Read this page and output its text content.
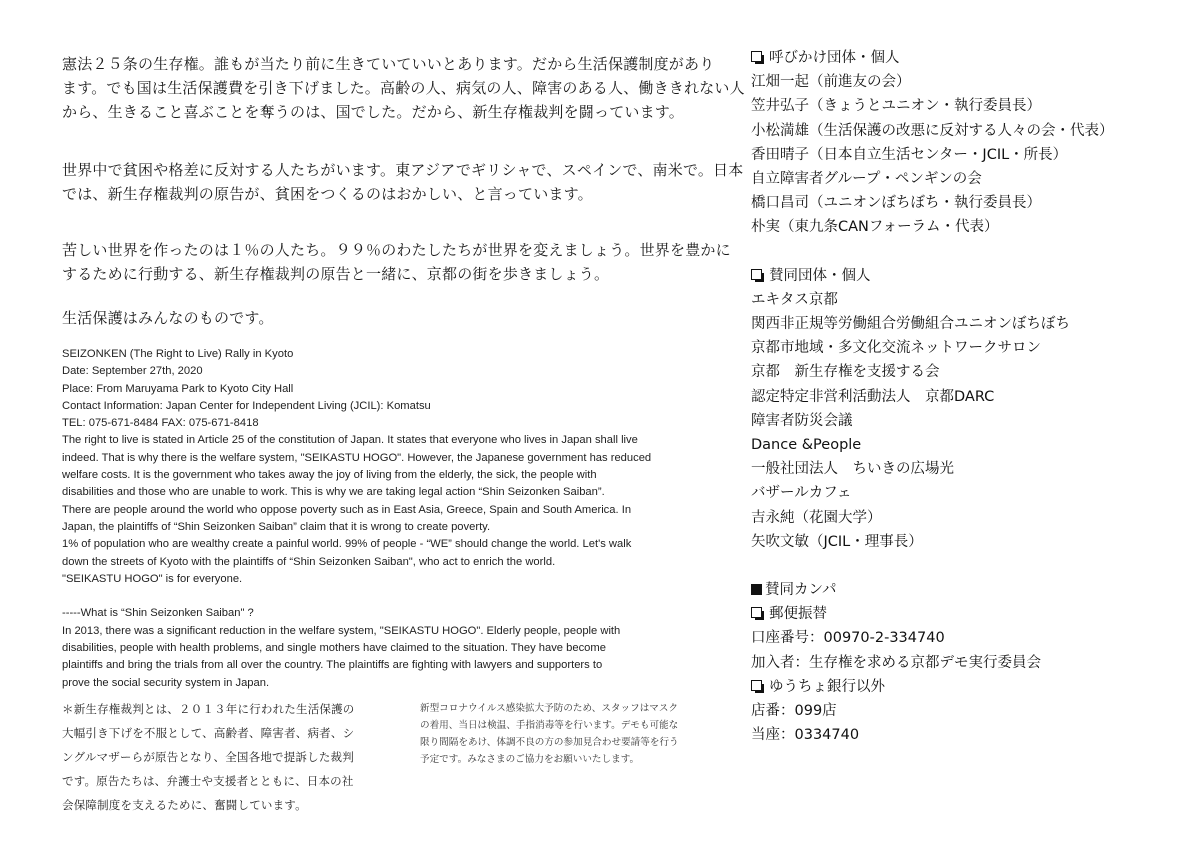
憲法２５条の生存権。誰もが当たり前に生きていていいとあります。だから生活保護制度があり

ます。でも国は生活保護費を引き下げました。高齢の人、病気の人、障害のある人、働ききれない人

から、生きること喜ぶことを奪うのは、国でした。だから、新生存権裁判を闘っています。

世界中で貧困や格差に反対する人たちがいます。東アジアでギリシャで、スペインで、南米で。日本

では、新生存権裁判の原告が、貧困をつくるのはおかしい、と言っています。

苦しい世界を作ったのは１％の人たち。９９％のわたしたちが世界を変えましょう。世界を豊かに

するために行動する、新生存権裁判の原告と一緒に、京都の街を歩きましょう。

生活保護はみんなのものです。

SEIZONKEN (The Right to Live) Rally in Kyoto
Date: September 27th, 2020
Place: From Maruyama Park to Kyoto City Hall
Contact Information: Japan Center for Independent Living (JCIL): Komatsu
TEL: 075-671-8484 FAX: 075-671-8418
The right to live is stated in Article 25 of the constitution of Japan. It states that everyone who lives in Japan shall live
indeed. That is why there is the welfare system, "SEIKASTU HOGO". However, the Japanese government has reduced
welfare costs. It is the government who takes away the joy of living from the elderly, the sick, the people with
disabilities and those who are unable to work. This is why we are taking legal action “Shin Seizonken Saiban”.
There are people around the world who oppose poverty such as in East Asia, Greece, Spain and South America. In
Japan, the plaintiffs of “Shin Seizonken Saiban” claim that it is wrong to create poverty.
1% of population who are wealthy create a painful world. 99% of people - “WE” should change the world. Let's walk
down the streets of Kyoto with the plaintiffs of “Shin Seizonken Saiban", who act to enrich the world.
"SEIKASTU HOGO" is for everyone.
-----What is “Shin Seizonken Saiban" ?
In 2013, there was a significant reduction in the welfare system, "SEIKASTU HOGO". Elderly people, people with
disabilities, people with health problems, and single mothers have claimed to the situation. They have become
plaintiffs and bring the trials from all over the country. The plaintiffs are fighting with lawyers and supporters to
prove the social security system in Japan.
＊新生存権裁判とは、２０１３年に行われた生活保護の
大幅引き下げを不服として、高齢者、障害者、病者、シ
ングルマザーらが原告となり、全国各地で提訴した裁判
です。原告たちは、弁護士や支援者とともに、日本の社
会保障制度を支えるために、奮闘しています。
新型コロナウイルス感染拡大予防のため、スタッフはマスク
の着用、当日は検温、手指消毒等を行います。デモも可能な
限り間隔をあけ、体調不良の方の参加見合わせ要請等を行う
予定です。みなさまのご協力をお願いいたします。
呼びかけ団体・個人
江畑一起（前進友の会）
笠井弘子（きょうとユニオン・執行委員長）
小松満雄（生活保護の改悪に反対する人々の会・代表）
香田晴子（日本自立生活センター・JCIL・所長）
自立障害者グループ・ペンギンの会
橋口昌司（ユニオンぼちぼち・執行委員長）
朴実（東九条CANフォーラム・代表）
賛同団体・個人
エキタス京都
関西非正規等労働組合労働組合ユニオンぼちぼち
京都市地域・多文化交流ネットワークサロン
京都　新生存権を支援する会
認定特定非営利活動法人　京都DARC
障害者防災会議
Dance &People
一般社団法人　ちいきの広場光
バザールカフェ
吉永純（花園大学）
矢吹文敏（JCIL・理事長）
賛同カンパ
郵便振替
口座番号：00970-2-334740
加入者：生存権を求める京都デモ実行委員会
ゆうちょ銀行以外
店番：099店
当座：0334740
